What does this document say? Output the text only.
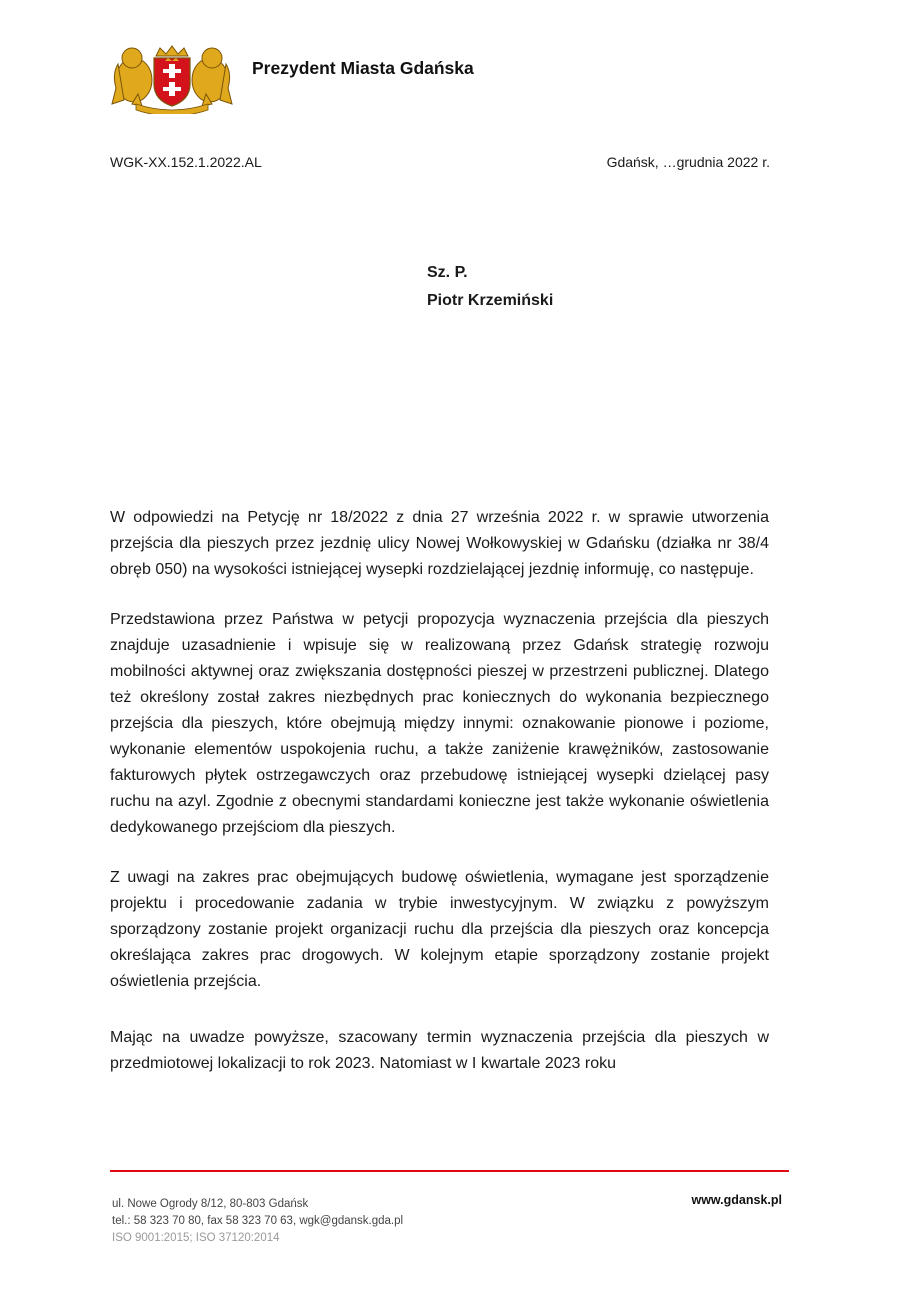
Prezydent Miasta Gdańska
WGK-XX.152.1.2022.AL	Gdańsk, …grudnia 2022 r.
Sz. P.
Piotr Krzemiński

W odpowiedzi na Petycję nr 18/2022 z dnia 27 września 2022 r. w sprawie utworzenia przejścia dla pieszych przez jezdnię ulicy Nowej Wołkowyskiej w Gdańsku (działka nr 38/4 obręb 050) na wysokości istniejącej wysepki rozdzielającej jezdnię informuję, co następuje.

Przedstawiona przez Państwa w petycji propozycja wyznaczenia przejścia dla pieszych znajduje uzasadnienie i wpisuje się w realizowaną przez Gdańsk strategię rozwoju mobilności aktywnej oraz zwiększania dostępności pieszej w przestrzeni publicznej. Dlatego też określony został zakres niezbędnych prac koniecznych do wykonania bezpiecznego przejścia dla pieszych, które obejmują między innymi: oznakowanie pionowe i poziome, wykonanie elementów uspokojenia ruchu, a także zaniżenie krawężników, zastosowanie fakturowych płytek ostrzegawczych oraz przebudowę istniejącej wysepki dzielącej pasy ruchu na azyl. Zgodnie z obecnymi standardami konieczne jest także wykonanie oświetlenia dedykowanego przejściom dla pieszych.

Z uwagi na zakres prac obejmujących budowę oświetlenia, wymagane jest sporządzenie projektu i procedowanie zadania w trybie inwestycyjnym. W związku z powyższym sporządzony zostanie projekt organizacji ruchu dla przejścia dla pieszych oraz koncepcja określająca zakres prac drogowych. W kolejnym etapie sporządzony zostanie projekt oświetlenia przejścia.

Mając na uwadze powyższe, szacowany termin wyznaczenia przejścia dla pieszych w przedmiotowej lokalizacji to rok 2023. Natomiast w I kwartale 2023 roku

ul. Nowe Ogrody 8/12, 80-803 Gdańsk
tel.: 58 323 70 80, fax 58 323 70 63, wgk@gdansk.gda.pl
ISO 9001:2015; ISO 37120:2014
www.gdansk.pl
